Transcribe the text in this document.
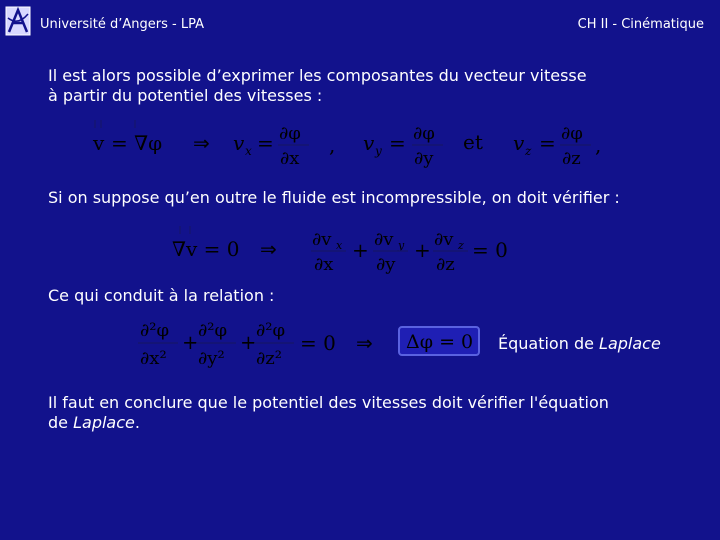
Université d’Angers - LPA	CH II - Cinématique
Il est alors possible d’exprimer les composantes du vecteur vitesse
à partir du potentiel des vitesses :
v = ∇φ ⇒ v x = ∂φ
∂x
, v y = ∂φ
∂y
et v z = ∂φ
∂z
,
Si on suppose qu’en outre le fluide est incompressible, on doit vérifier :
∇v = 0 ⇒ ∂v x
∂x
+ ∂v y
∂y
+ ∂v z
∂z
= 0
Ce qui conduit à la relation :
∂²φ
∂x²
+ ∂²φ
∂y²
+ ∂²φ
∂z²
= 0 ⇒ Δφ = 0 Équation de Laplace
Il faut en conclure que le potentiel des vitesses doit vérifier l'équation
de Laplace.
